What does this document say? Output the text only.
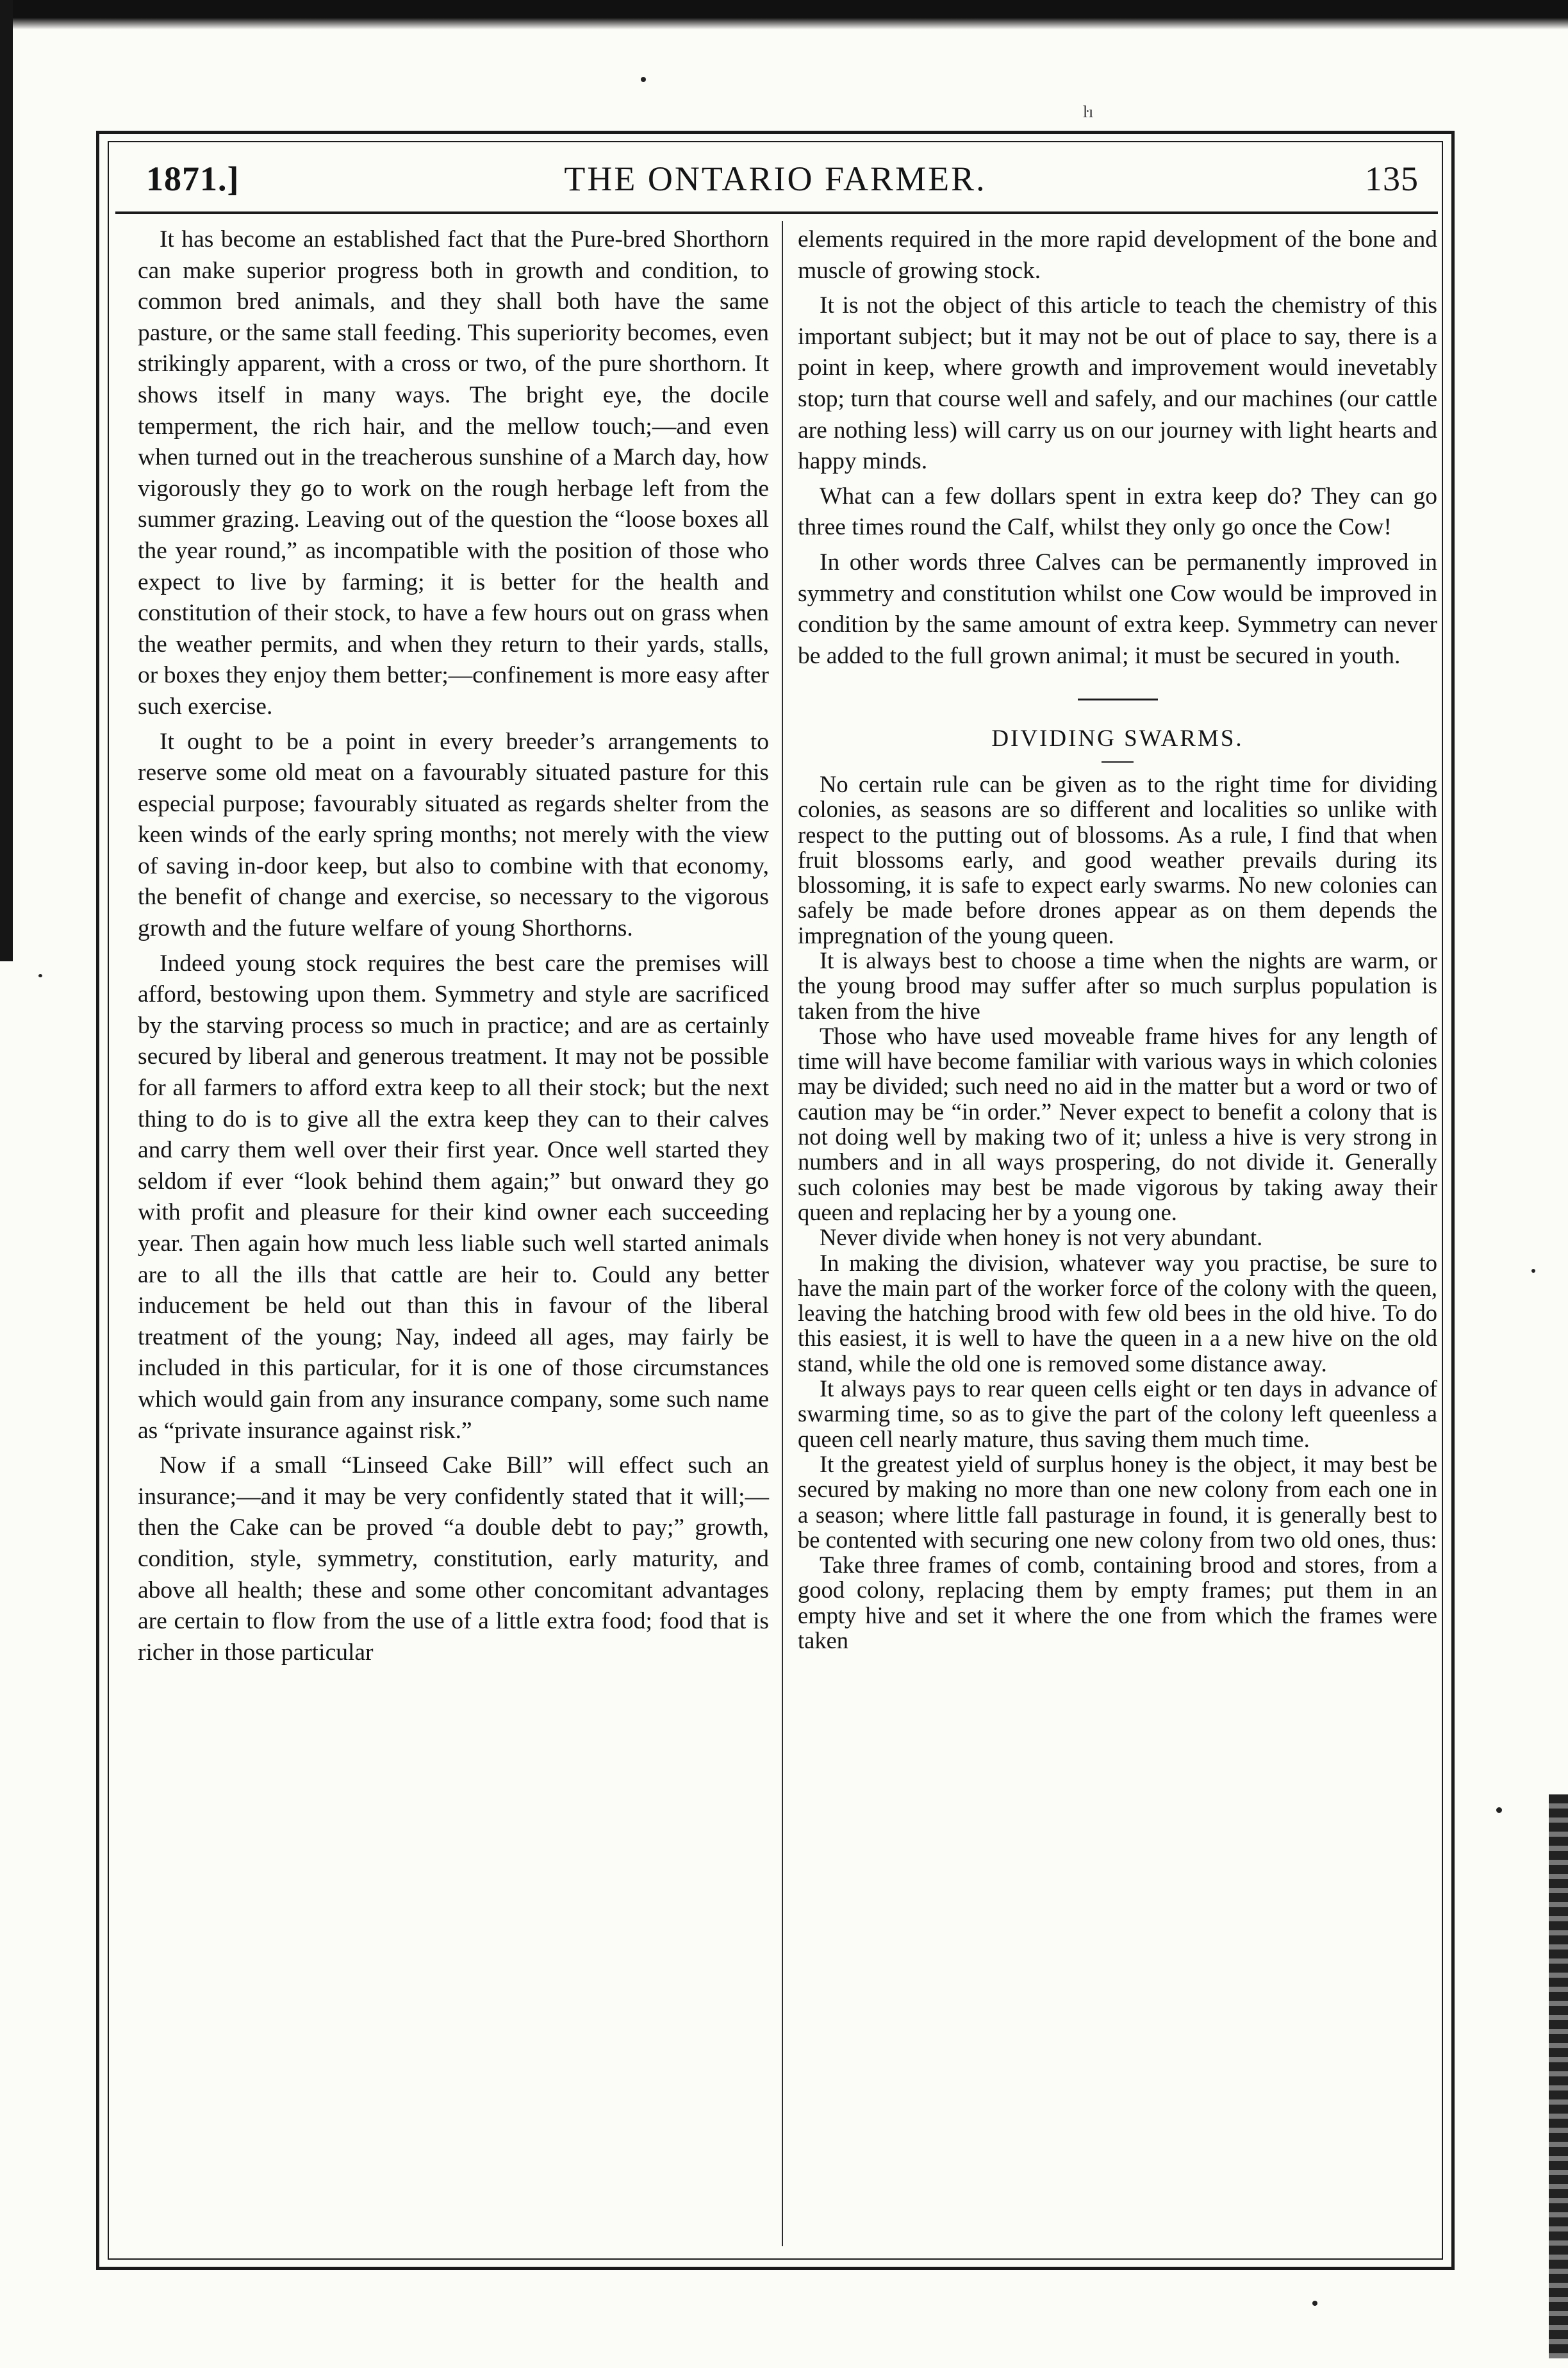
ŀı
THE ONTARIO FARMER.
1871.]	135

It has become an established fact that the Pure-bred Shorthorn can make superior progress both in growth and condition, to common bred animals, and they shall both have the same pasture, or the same stall feeding. This superiority becomes, even strikingly apparent, with a cross or two, of the pure shorthorn. It shows itself in many ways. The bright eye, the docile temperment, the rich hair, and the mellow touch;—and even when turned out in the treacherous sunshine of a March day, how vigorously they go to work on the rough herbage left from the summer grazing. Leaving out of the question the “loose boxes all the year round,” as incompatible with the position of those who expect to live by farming; it is better for the health and constitution of their stock, to have a few hours out on grass when the weather permits, and when they return to their yards, stalls, or boxes they enjoy them better;—confinement is more easy after such exercise.

It ought to be a point in every breeder’s arrangements to reserve some old meat on a favourably situated pasture for this especial purpose; favourably situated as regards shelter from the keen winds of the early spring months; not merely with the view of saving in-door keep, but also to combine with that economy, the benefit of change and exercise, so necessary to the vigorous growth and the future welfare of young Shorthorns.

Indeed young stock requires the best care the premises will afford, bestowing upon them. Symmetry and style are sacrificed by the starving process so much in practice; and are as certainly secured by liberal and generous treatment. It may not be possible for all farmers to afford extra keep to all their stock; but the next thing to do is to give all the extra keep they can to their calves and carry them well over their first year. Once well started they seldom if ever “look behind them again;” but onward they go with profit and pleasure for their kind owner each succeeding year. Then again how much less liable such well started animals are to all the ills that cattle are heir to. Could any better inducement be held out than this in favour of the liberal treatment of the young; Nay, indeed all ages, may fairly be included in this particular, for it is one of those circumstances which would gain from any insurance company, some such name as “private insurance against risk.”

Now if a small “Linseed Cake Bill” will effect such an insurance;—and it may be very confidently stated that it will;—then the Cake can be proved “a double debt to pay;” growth, condition, style, symmetry, constitution, early maturity, and above all health; these and some other concomitant advantages are certain to flow from the use of a little extra food; food that is richer in those particular

elements required in the more rapid development of the bone and muscle of growing stock.

It is not the object of this article to teach the chemistry of this important subject; but it may not be out of place to say, there is a point in keep, where growth and improvement would inevetably stop; turn that course well and safely, and our machines (our cattle are nothing less) will carry us on our journey with light hearts and happy minds.

What can a few dollars spent in extra keep do? They can go three times round the Calf, whilst they only go once the Cow!

In other words three Calves can be permanently improved in symmetry and constitution whilst one Cow would be improved in condition by the same amount of extra keep. Symmetry can never be added to the full grown animal; it must be secured in youth.

DIVIDING SWARMS.

No certain rule can be given as to the right time for dividing colonies, as seasons are so different and localities so unlike with respect to the putting out of blossoms. As a rule, I find that when fruit blossoms early, and good weather prevails during its blossoming, it is safe to expect early swarms. No new colonies can safely be made before drones appear as on them depends the impregnation of the young queen.

It is always best to choose a time when the nights are warm, or the young brood may suffer after so much surplus population is taken from the hive

Those who have used moveable frame hives for any length of time will have become familiar with various ways in which colonies may be divided; such need no aid in the matter but a word or two of caution may be “in order.” Never expect to benefit a colony that is not doing well by making two of it; unless a hive is very strong in numbers and in all ways prospering, do not divide it. Generally such colonies may best be made vigorous by taking away their queen and replacing her by a young one.

Never divide when honey is not very abundant.

In making the division, whatever way you practise, be sure to have the main part of the worker force of the colony with the queen, leaving the hatching brood with few old bees in the old hive. To do this easiest, it is well to have the queen in a a new hive on the old stand, while the old one is removed some distance away.

It always pays to rear queen cells eight or ten days in advance of swarming time, so as to give the part of the colony left queenless a queen cell nearly mature, thus saving them much time.

It the greatest yield of surplus honey is the object, it may best be secured by making no more than one new colony from each one in a season; where little fall pasturage in found, it is generally best to be contented with securing one new colony from two old ones, thus:

Take three frames of comb, containing brood and stores, from a good colony, replacing them by empty frames; put them in an empty hive and set it where the one from which the frames were taken
